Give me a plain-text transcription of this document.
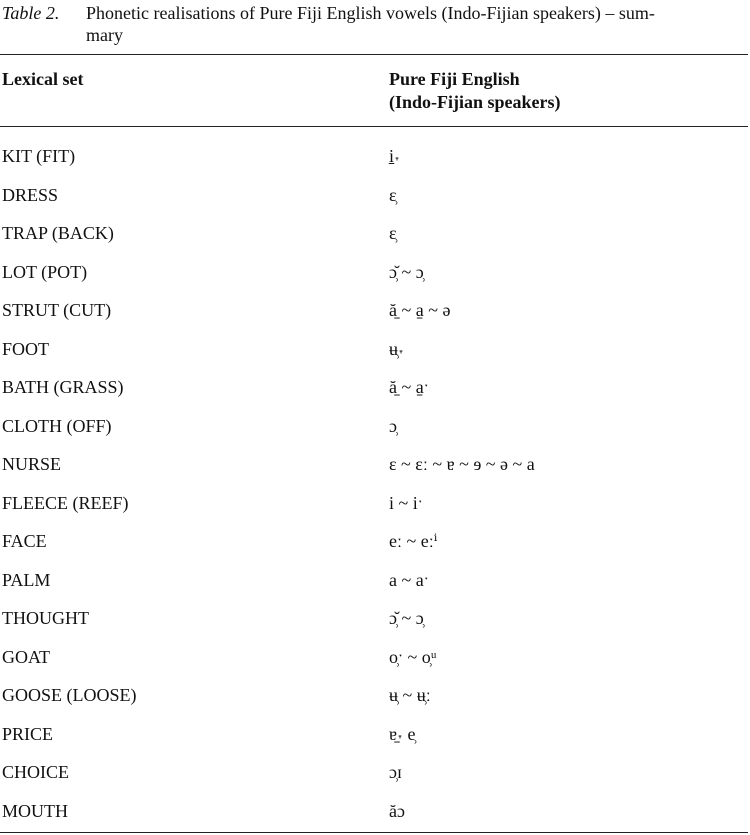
Table 2. Phonetic realisations of Pure Fiji English vowels (Indo-Fijian speakers) – sum-
mary
Lexical set	Pure Fiji English
(Indo-Fijian speakers)
KIT (FIT)	i̠˕
DRESS	ɛ̹
TRAP (BACK)	ɛ̹
LOT (POT)	ɔ̹̆ ~ ɔ̹
STRUT (CUT)	ă̠ ~ a̠ ~ ə
FOOT	ʉ̹˕
BATH (GRASS)	ă̠ ~ a̠ˑ
CLOTH (OFF)	ɔ̹
NURSE	ɛ ~ ɛː ~ ɐ ~ ɘ ~ ə ~ a
FLEECE (REEF)	i ~ iˑ
FACE	eː ~ eːⁱ
PALM	a ~ aˑ
THOUGHT	ɔ̹̆ ~ ɔ̹
GOAT	o̹ˑ ~ o̹ᵘ
GOOSE (LOOSE)	ʉ̹ ~ ʉ̹ː
PRICE	ɐ̠˕ e̹
CHOICE	ɔ̹ɪ
MOUTH	ăɔ
